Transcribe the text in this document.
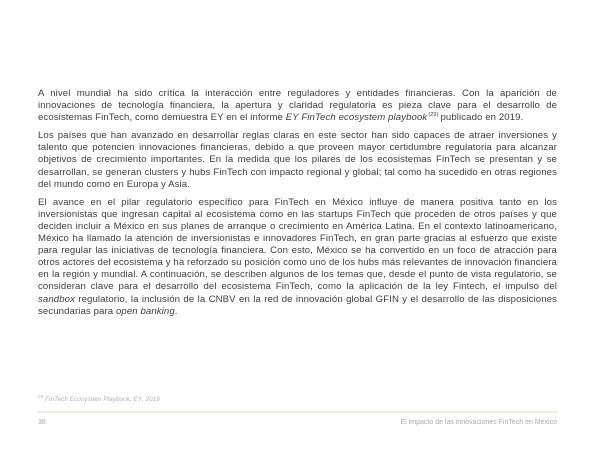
A nivel mundial ha sido crítica la interacción entre reguladores y entidades financieras. Con la aparición de innovaciones de tecnología financiera, la apertura y claridad regulatoria es pieza clave para el desarrollo de ecosistemas FinTech, como demuestra EY en el informe EY FinTech ecosystem playbook$^{(29)}$ publicado en 2019.

Los países que han avanzado en desarrollar reglas claras en este sector han sido capaces de atraer inversiones y talento que potencien innovaciones financieras, debido a que proveen mayor certidumbre regulatoria para alcanzar objetivos de crecimiento importantes. En la medida que los pilares de los ecosistemas FinTech se presentan y se desarrollan, se generan clusters y hubs FinTech con impacto regional y global; tal como ha sucedido en otras regiones del mundo como en Europa y Asia.

El avance en el pilar regulatorio específico para FinTech en México influye de manera positiva tanto en los inversionistas que ingresan capital al ecosistema como en las startups FinTech que proceden de otros países y que deciden incluir a México en sus planes de arranque o crecimiento en América Latina. En el contexto latinoamericano, México ha llamado la atención de inversionistas e innovadores FinTech, en gran parte gracias al esfuerzo que existe para regular las iniciativas de tecnología financiera. Con esto, México se ha convertido en un foco de atracción para otros actores del ecosistema y ha reforzado su posición como uno de los hubs más relevantes de innovación financiera en la región y mundial. A continuación, se describen algunos de los temas que, desde el punto de vista regulatorio, se consideran clave para el desarrollo del ecosistema FinTech, como la aplicación de la ley Fintech, el impulso del sandbox regulatorio, la inclusión de la CNBV en la red de innovación global GFIN y el desarrollo de las disposiciones secundarias para open banking.

$^{29}$ FinTech Ecosystem Playbook, EY, 2019
38	El impacto de las innovaciones FinTech en México
